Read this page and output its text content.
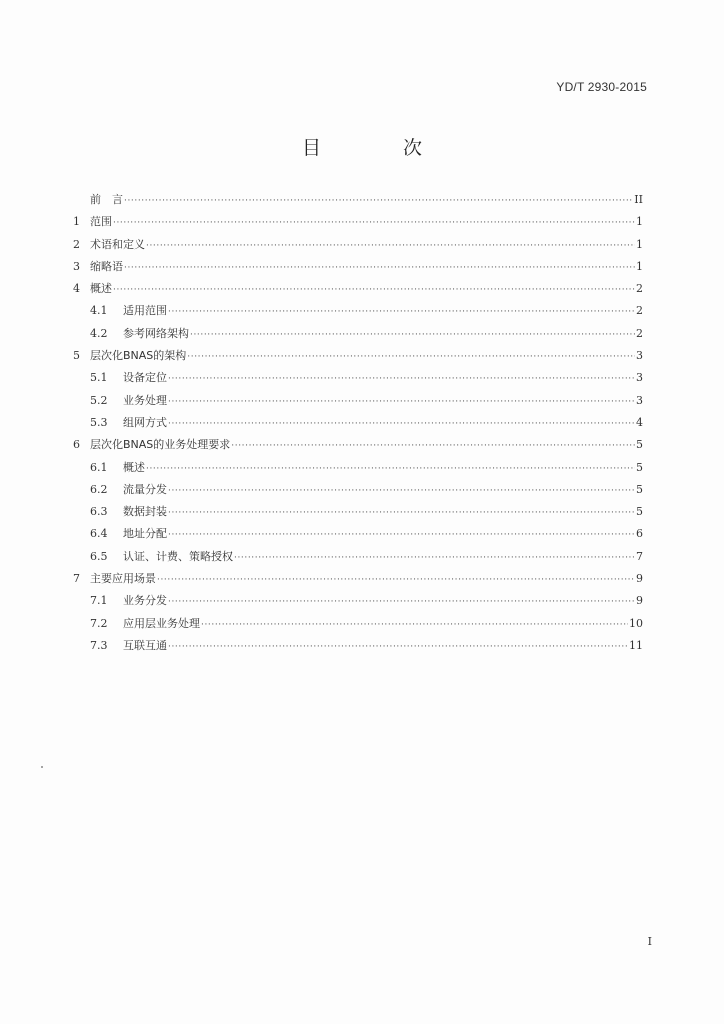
YD/T 2930-2015
目 次
前　言 ·····	II
1 范围 ·····	1
2 术语和定义 ·····	1
3 缩略语 ·····	1
4 概述 ·····	2
4.1	适用范围 ·····	2
4.2	参考网络架构 ·····	2
5 层次化BNAS的架构 ·····	3
5.1	设备定位 ·····	3
5.2	业务处理 ·····	3
5.3	组网方式 ·····	4
6 层次化BNAS的业务处理要求 ·····	5
6.1	概述 ·····	5
6.2	流量分发 ·····	5
6.3	数据封装 ·····	5
6.4	地址分配 ·····	6
6.5	认证、计费、策略授权 ·····	7
7 主要应用场景 ·····	9
7.1	业务分发 ·····	9
7.2	应用层业务处理 ·····	10
7.3	互联互通 ·····	11
I
